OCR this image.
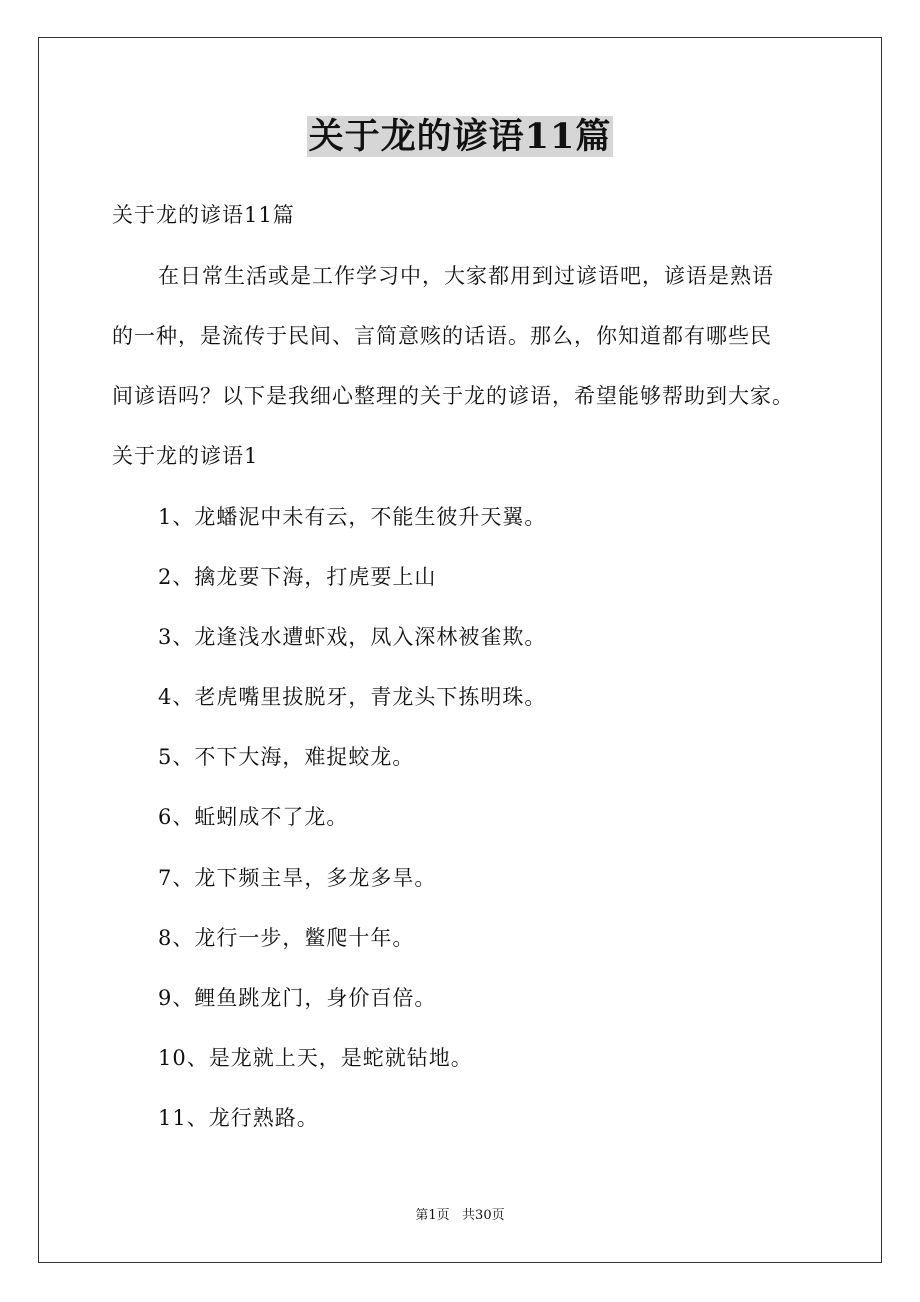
关于龙的谚语11篇
关于龙的谚语11篇
在日常生活或是工作学习中，大家都用到过谚语吧，谚语是熟语
的一种，是流传于民间、言简意赅的话语。那么，你知道都有哪些民
间谚语吗？以下是我细心整理的关于龙的谚语，希望能够帮助到大家。
关于龙的谚语1
1、龙蟠泥中未有云，不能生彼升天翼。
2、擒龙要下海，打虎要上山
3、龙逢浅水遭虾戏，凤入深林被雀欺。
4、老虎嘴里拔脱牙，青龙头下拣明珠。
5、不下大海，难捉蛟龙。
6、蚯蚓成不了龙。
7、龙下频主旱，多龙多旱。
8、龙行一步，鳖爬十年。
9、鲤鱼跳龙门，身价百倍。
10、是龙就上天，是蛇就钻地。
11、龙行熟路。
第1页   共30页
